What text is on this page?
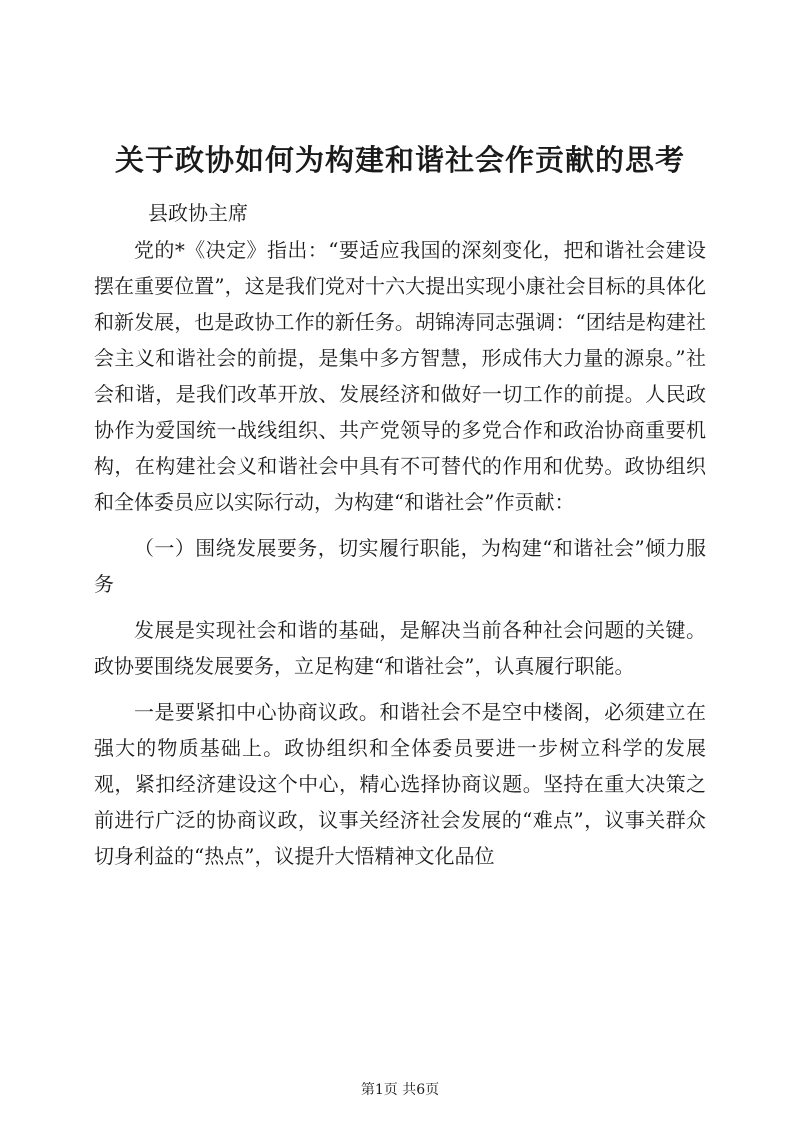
关于政协如何为构建和谐社会作贡献的思考

县政协主席

党的*《决定》指出：“要适应我国的深刻变化，把和谐社会建设摆在重要位置”，这是我们党对十六大提出实现小康社会目标的具体化和新发展，也是政协工作的新任务。胡锦涛同志强调：“团结是构建社会主义和谐社会的前提，是集中多方智慧，形成伟大力量的源泉。”社会和谐，是我们改革开放、发展经济和做好一切工作的前提。人民政协作为爱国统一战线组织、共产党领导的多党合作和政治协商重要机构，在构建社会义和谐社会中具有不可替代的作用和优势。政协组织和全体委员应以实际行动，为构建“和谐社会”作贡献：

（一）围绕发展要务，切实履行职能，为构建“和谐社会”倾力服务

发展是实现社会和谐的基础，是解决当前各种社会问题的关键。政协要围绕发展要务，立足构建“和谐社会”，认真履行职能。

一是要紧扣中心协商议政。和谐社会不是空中楼阁，必须建立在强大的物质基础上。政协组织和全体委员要进一步树立科学的发展观，紧扣经济建设这个中心，精心选择协商议题。坚持在重大决策之前进行广泛的协商议政，议事关经济社会发展的“难点”，议事关群众切身利益的“热点”，议提升大悟精神文化品位

第1页 共6页
